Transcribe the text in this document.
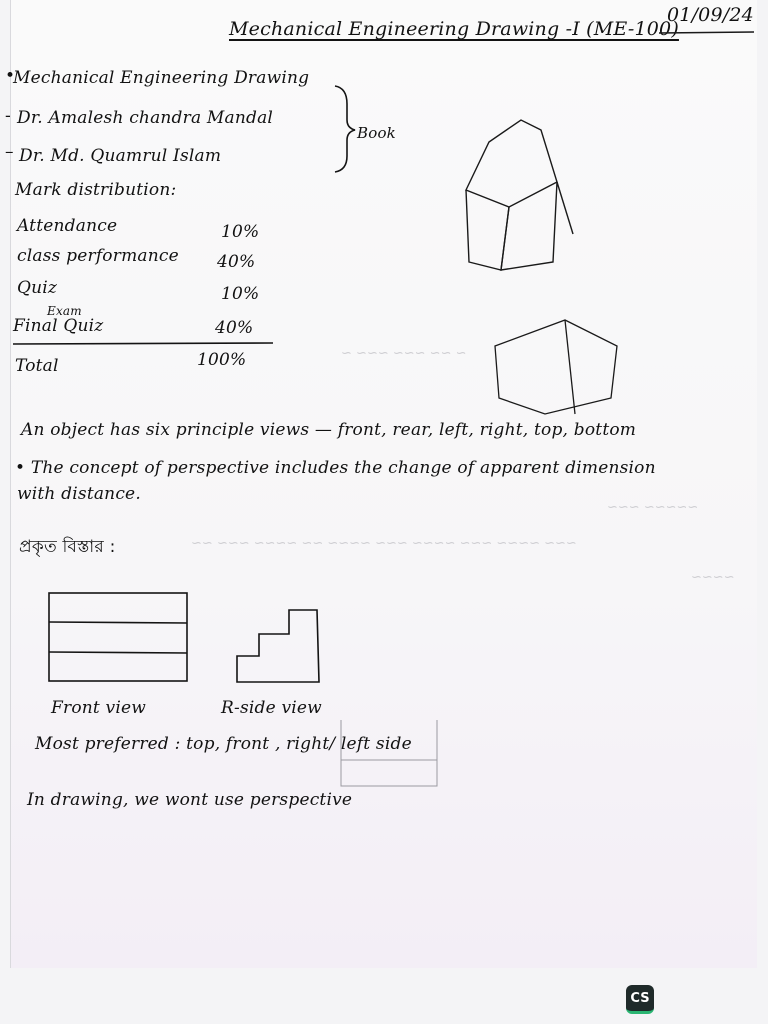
Mechanical Engineering Drawing -I (ME-100)
01/09/24
Mechanical Engineering Drawing
Dr. Amalesh chandra Mandal
Dr. Md. Quamrul Islam
•
-
–
Book
Mark distribution:
Attendance	10%
class performance 40%
Quiz	10%
Exam
Final Quiz	40%
Total	100%	~ ~~ ~~~ ~~~ ~
~~~ ~~~~ ~~~ ~~~~ ~~~ ~~~~ ~~ ~~~~ ~~~ ~~
~~~~~ ~~~
~~~~
An object has six principle views — front, rear, left, right, top, bottom
• The concept of perspective includes the change of apparent dimension
with distance.
প্রকৃত বিস্তার :
Front view	R-side view
Most preferred : top, front , right/ left side
In drawing, we wont use perspective
CS
